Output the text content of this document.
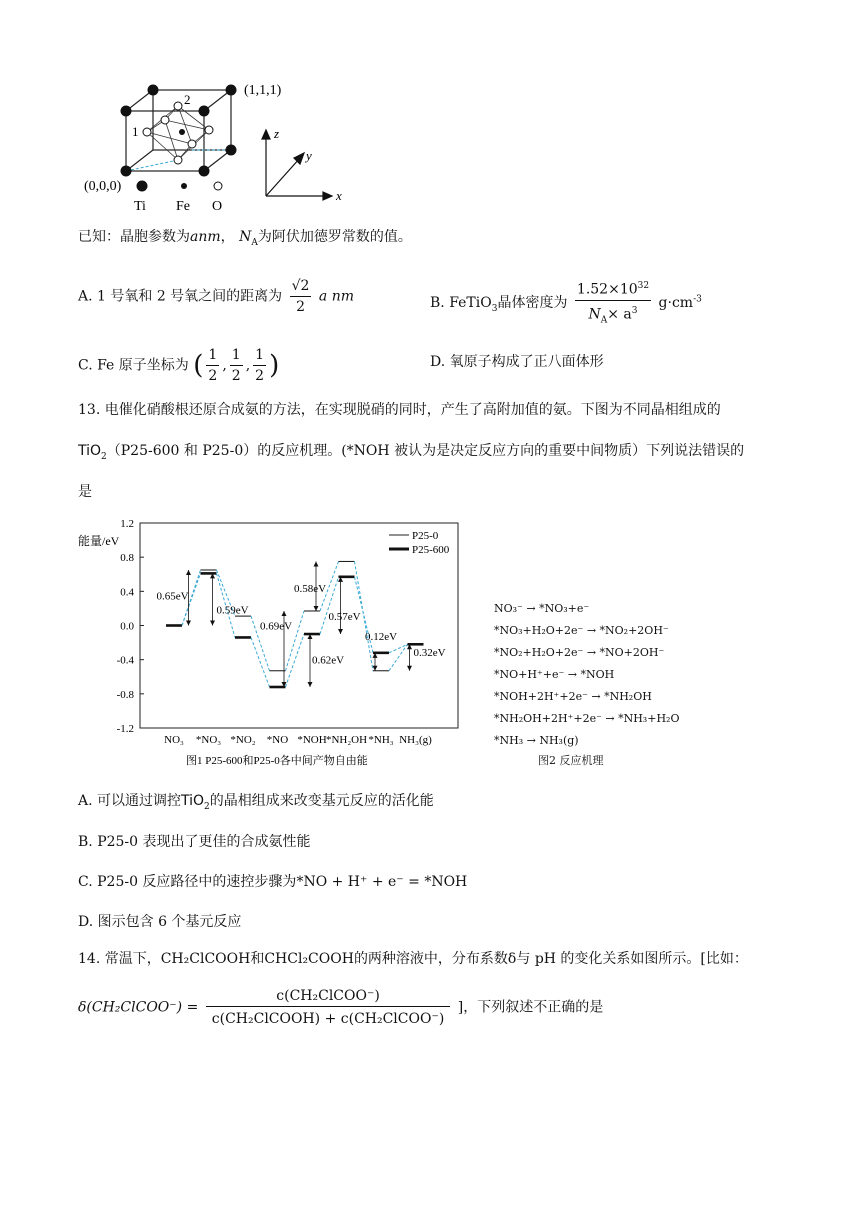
1
2
(1,1,1)
(0,0,0)
Ti Fe O
z
y
x
已知：晶胞参数为anm， $N_A$为阿伏加德罗常数的值。
A. 1 号氧和 2 号氧之间的距离为 $\frac{√2}{2}$ a nm	B. FeTiO$_3$晶体密度为 $\frac{1.52\times 10^{32}}{N_A\times a^3} g\cdot cm^{-3}$
C. Fe 原子坐标为 ( $\frac{1}{2}$ , $\frac{1}{2}$ , $\frac{1}{2}$ )	D. 氧原子构成了正八面体形
13. 电催化硝酸根还原合成氨的方法，在实现脱硝的同时，产生了高附加值的氨。下图为不同晶相组成的
TiO$_2$（P25-600 和 P25-0）的反应机理。(*NOH 被认为是决定反应方向的重要中间物质）下列说法错误的
是
能量/eV
1.2
0.8
0.4
0.0
-0.4
-0.8
-1.2
NO₃ *NO₃ *NO₂ *NO *NOH *NH₂OH *NH₃ NH₃(g)
0.65eV
0.59eV
0.69eV
0.58eV
0.57eV
0.62eV
0.12eV
0.32eV
P25-0
P25-600
图1 P25-600和P25-0各中间产物自由能
NO₃⁻ → *NO₃+e⁻
*NO₃+H₂O+2e⁻ → *NO₂+2OH⁻
*NO₂+H₂O+2e⁻ → *NO+2OH⁻
*NO+H⁺+e⁻ → *NOH
*NOH+2H⁺+2e⁻ → *NH₂OH
*NH₂OH+2H⁺+2e⁻ → *NH₃+H₂O
*NH₃ → NH₃(g)
图2 反应机理
A. 可以通过调控TiO$_2$的晶相组成来改变基元反应的活化能
B. P25-0 表现出了更佳的合成氨性能
C. P25-0 反应路径中的速控步骤为*NO + H⁺ + e⁻ = *NOH
D. 图示包含 6 个基元反应
14. 常温下，CH₂ClCOOH和CHCl₂COOH的两种溶液中，分布系数δ与 pH 的变化关系如图所示。[比如：
δ(CH₂ClCOO⁻) = $\frac{\text{c(CH₂ClCOO⁻)}}{\text{c(CH₂ClCOOH) + c(CH₂ClCOO⁻)}}$ ]，下列叙述不正确的是
